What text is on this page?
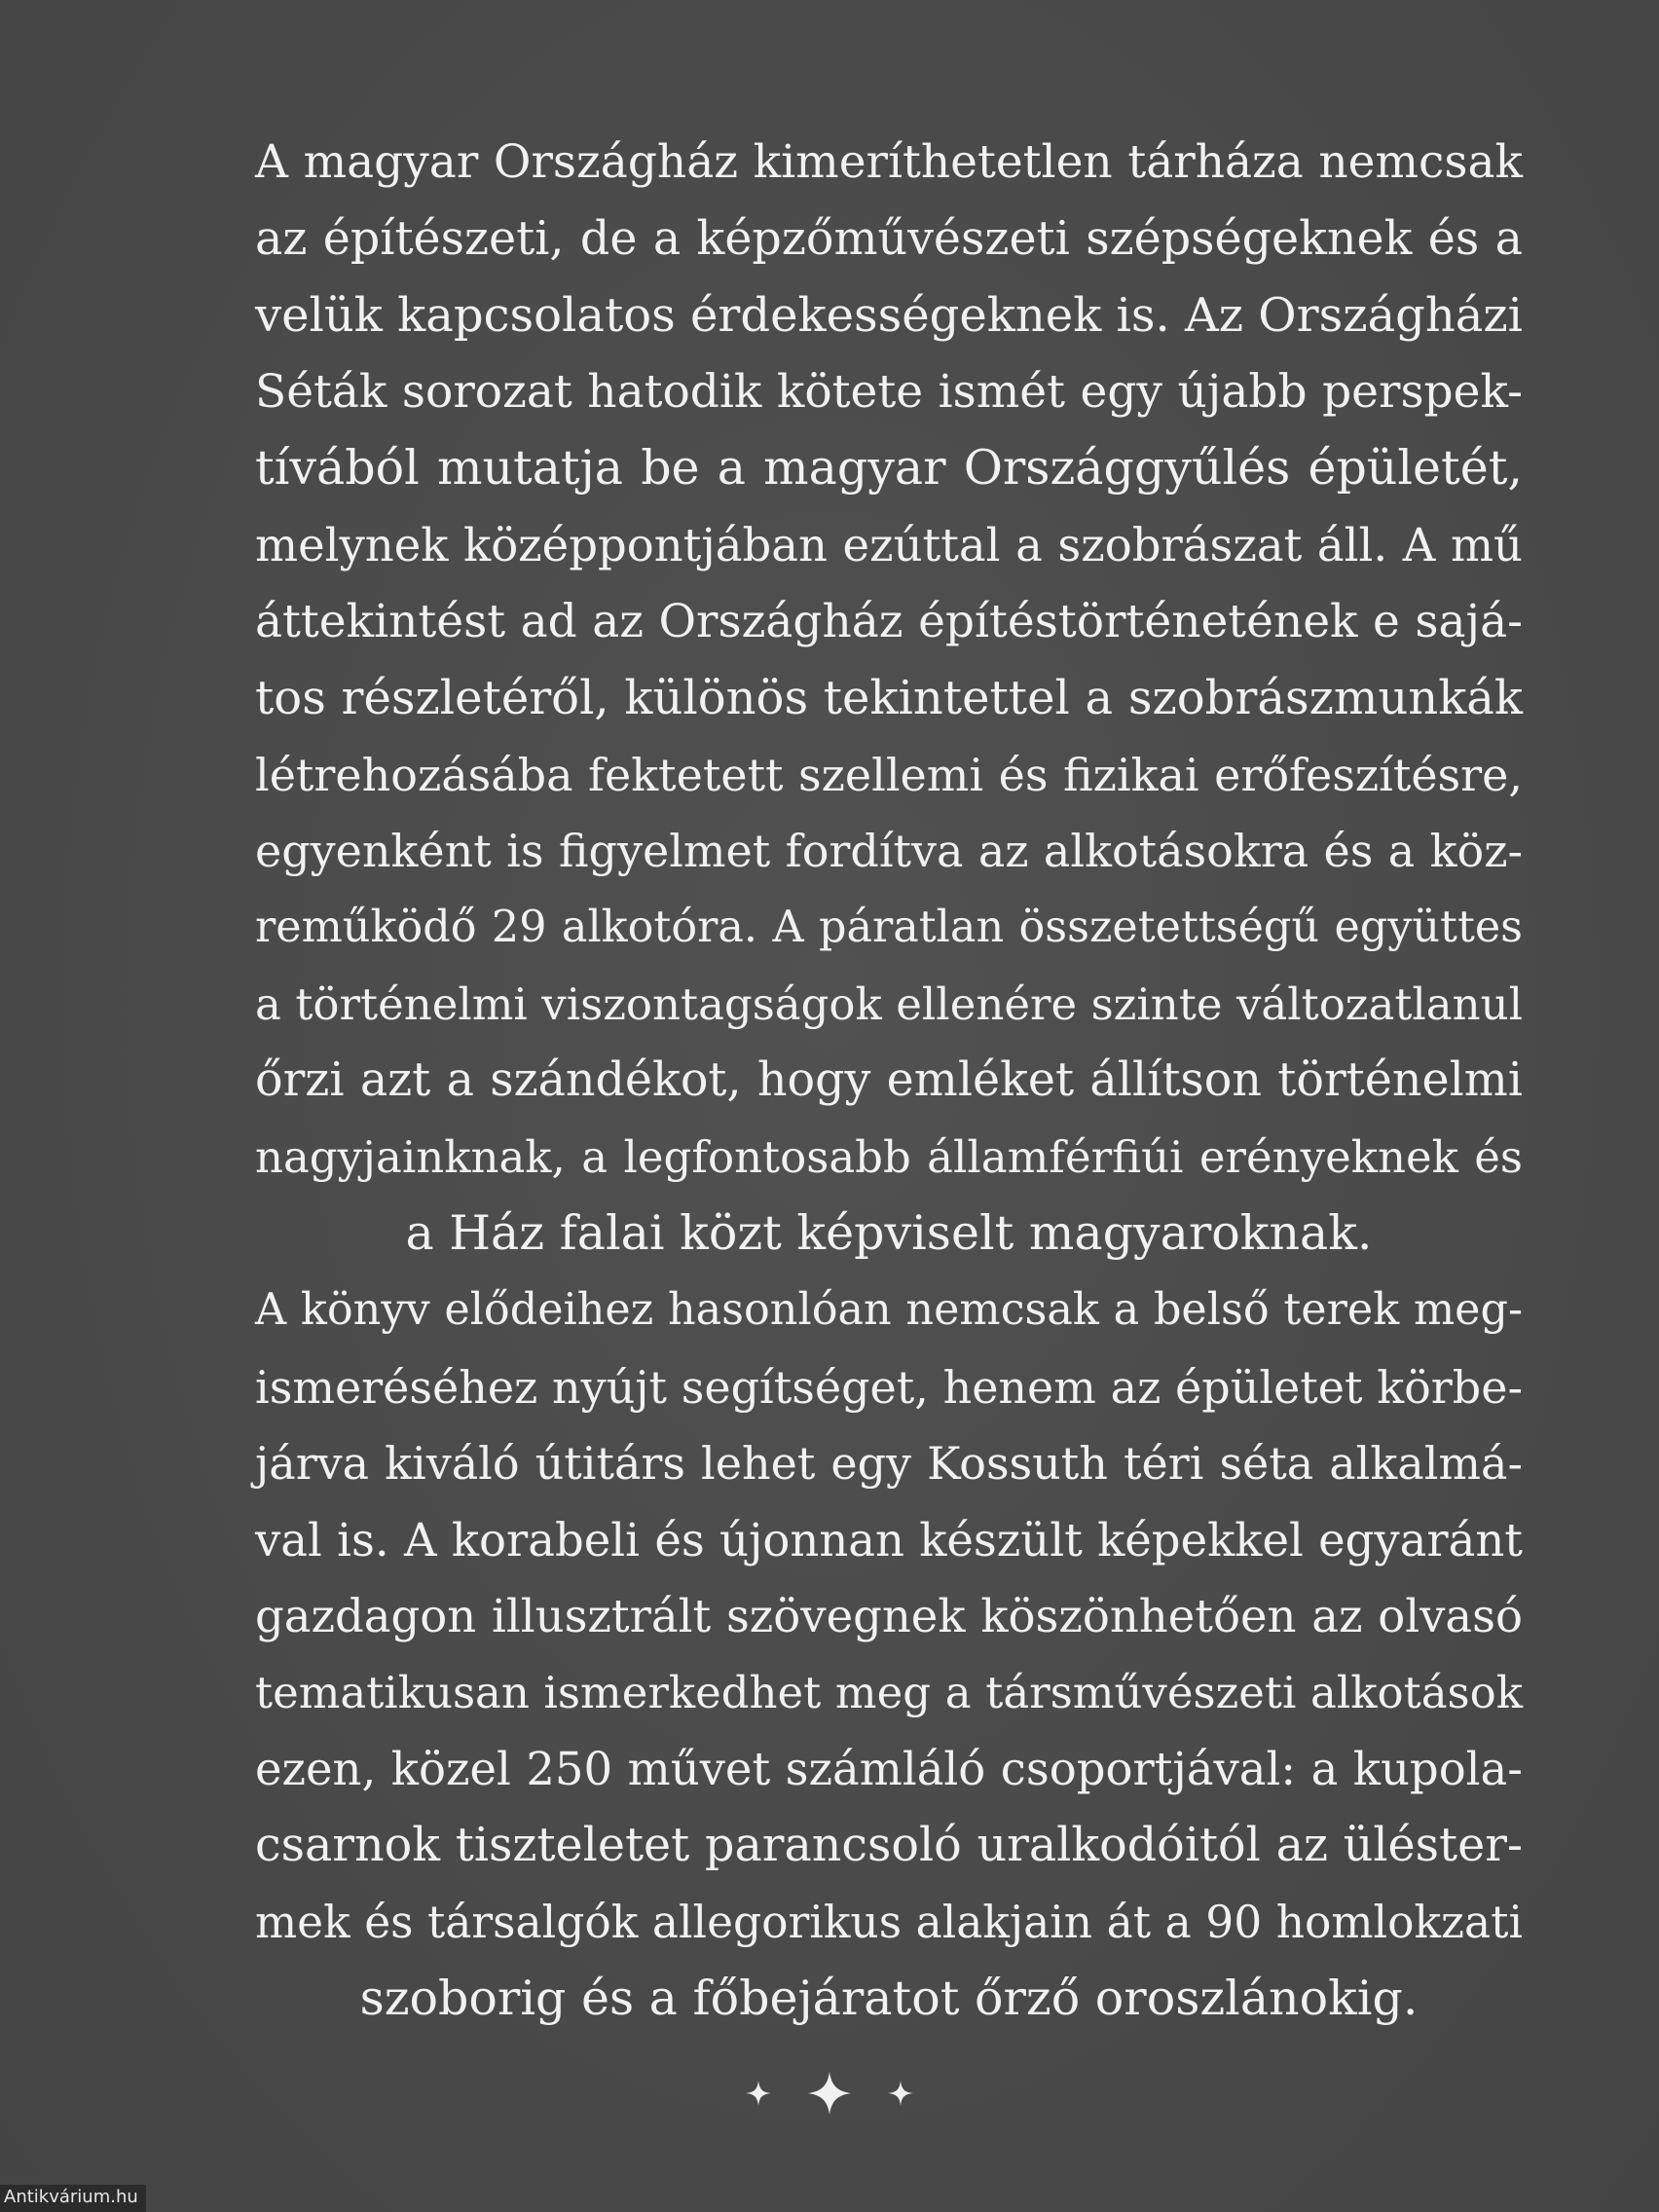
A magyar Országház kimeríthetetlen tárháza nemcsak
az építészeti, de a képzőművészeti szépségeknek és a
velük kapcsolatos érdekességeknek is. Az Országházi
Séták sorozat hatodik kötete ismét egy újabb perspek-
tívából mutatja be a magyar Országgyűlés épületét,
melynek középpontjában ezúttal a szobrászat áll. A mű
áttekintést ad az Országház építéstörténetének e sajá-
tos részletéről, különös tekintettel a szobrászmunkák
létrehozásába fektetett szellemi és fizikai erőfeszítésre,
egyenként is figyelmet fordítva az alkotásokra és a köz-
reműködő 29 alkotóra. A páratlan összetettségű együttes
a történelmi viszontagságok ellenére szinte változatlanul
őrzi azt a szándékot, hogy emléket állítson történelmi
nagyjainknak, a legfontosabb államférfiúi erényeknek és
a Ház falai közt képviselt magyaroknak.
A könyv elődeihez hasonlóan nemcsak a belső terek meg-
ismeréséhez nyújt segítséget, henem az épületet körbe-
járva kiváló útitárs lehet egy Kossuth téri séta alkalmá-
val is. A korabeli és újonnan készült képekkel egyaránt
gazdagon illusztrált szövegnek köszönhetően az olvasó
tematikusan ismerkedhet meg a társművészeti alkotások
ezen, közel 250 művet számláló csoportjával: a kupola-
csarnok tiszteletet parancsoló uralkodóitól az üléster-
mek és társalgók allegorikus alakjain át a 90 homlokzati
szoborig és a főbejáratot őrző oroszlánokig.
Antikvárium.hu
